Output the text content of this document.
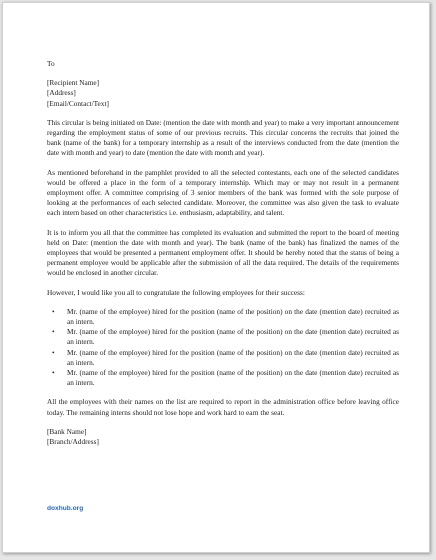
To
[Recipient Name]
[Address]
[Email/Contact/Text]

This circular is being initiated on Date: (mention the date with month and year) to make a very important announcement regarding the employment status of some of our previous recruits. This circular concerns the recruits that joined the bank (name of the bank) for a temporary internship as a result of the interviews conducted from the date (mention the date with month and year) to date (mention the date with month and year).

As mentioned beforehand in the pamphlet provided to all the selected contestants, each one of the selected candidates would be offered a place in the form of a temporary internship. Which may or may not result in a permanent employment offer. A committee comprising of 3 senior members of the bank was formed with the sole purpose of looking at the performances of each selected candidate. Moreover, the committee was also given the task to evaluate each intern based on other characteristics i.e. enthusiasm, adaptability, and talent.

It is to inform you all that the committee has completed its evaluation and submitted the report to the board of meeting held on Date: (mention the date with month and year). The bank (name of the bank) has finalized the names of the employees that would be presented a permanent employment offer. It should be hereby noted that the status of being a permanent employee would be applicable after the submission of all the data required. The details of the requirements would be enclosed in another circular.

However, I would like you all to congratulate the following employees for their success:

• Mr. (name of the employee) hired for the position (name of the position) on the date (mention date) recruited as an intern.
• Mr. (name of the employee) hired for the position (name of the position) on the date (mention date) recruited as an intern.
• Mr. (name of the employee) hired for the position (name of the position) on the date (mention date) recruited as an intern.
• Mr. (name of the employee) hired for the position (name of the position) on the date (mention date) recruited as an intern.

All the employees with their names on the list are required to report in the administration office before leaving office today. The remaining interns should not lose hope and work hard to earn the seat.

[Bank Name]
[Branch/Address]
doxhub.org
